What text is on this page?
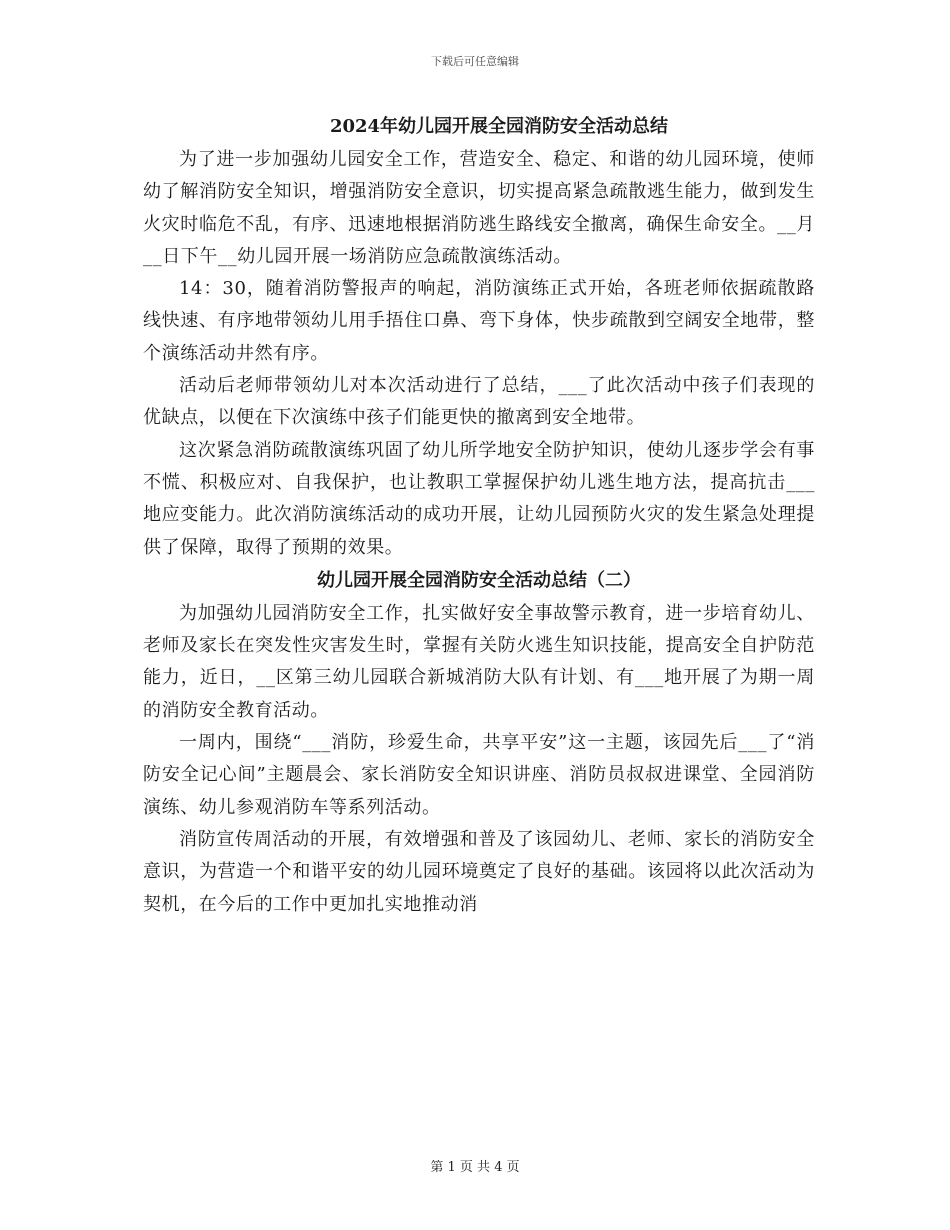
下载后可任意编辑
2024年幼儿园开展全园消防安全活动总结

为了进一步加强幼儿园安全工作，营造安全、稳定、和谐的幼儿园环境，使师幼了解消防安全知识，增强消防安全意识，切实提高紧急疏散逃生能力，做到发生火灾时临危不乱，有序、迅速地根据消防逃生路线安全撤离，确保生命安全。__月__日下午__幼儿园开展一场消防应急疏散演练活动。

14：30，随着消防警报声的响起，消防演练正式开始，各班老师依据疏散路线快速、有序地带领幼儿用手捂住口鼻、弯下身体，快步疏散到空阔安全地带，整个演练活动井然有序。

活动后老师带领幼儿对本次活动进行了总结，___了此次活动中孩子们表现的优缺点，以便在下次演练中孩子们能更快的撤离到安全地带。

这次紧急消防疏散演练巩固了幼儿所学地安全防护知识，使幼儿逐步学会有事不慌、积极应对、自我保护，也让教职工掌握保护幼儿逃生地方法，提高抗击___地应变能力。此次消防演练活动的成功开展，让幼儿园预防火灾的发生紧急处理提供了保障，取得了预期的效果。

幼儿园开展全园消防安全活动总结（二）

为加强幼儿园消防安全工作，扎实做好安全事故警示教育，进一步培育幼儿、老师及家长在突发性灾害发生时，掌握有关防火逃生知识技能，提高安全自护防范能力，近日，__区第三幼儿园联合新城消防大队有计划、有___地开展了为期一周的消防安全教育活动。

一周内，围绕“___消防，珍爱生命，共享平安”这一主题，该园先后___了“消防安全记心间”主题晨会、家长消防安全知识讲座、消防员叔叔进课堂、全园消防演练、幼儿参观消防车等系列活动。

消防宣传周活动的开展，有效增强和普及了该园幼儿、老师、家长的消防安全意识，为营造一个和谐平安的幼儿园环境奠定了良好的基础。该园将以此次活动为契机，在今后的工作中更加扎实地推动消

第 1 页 共 4 页
